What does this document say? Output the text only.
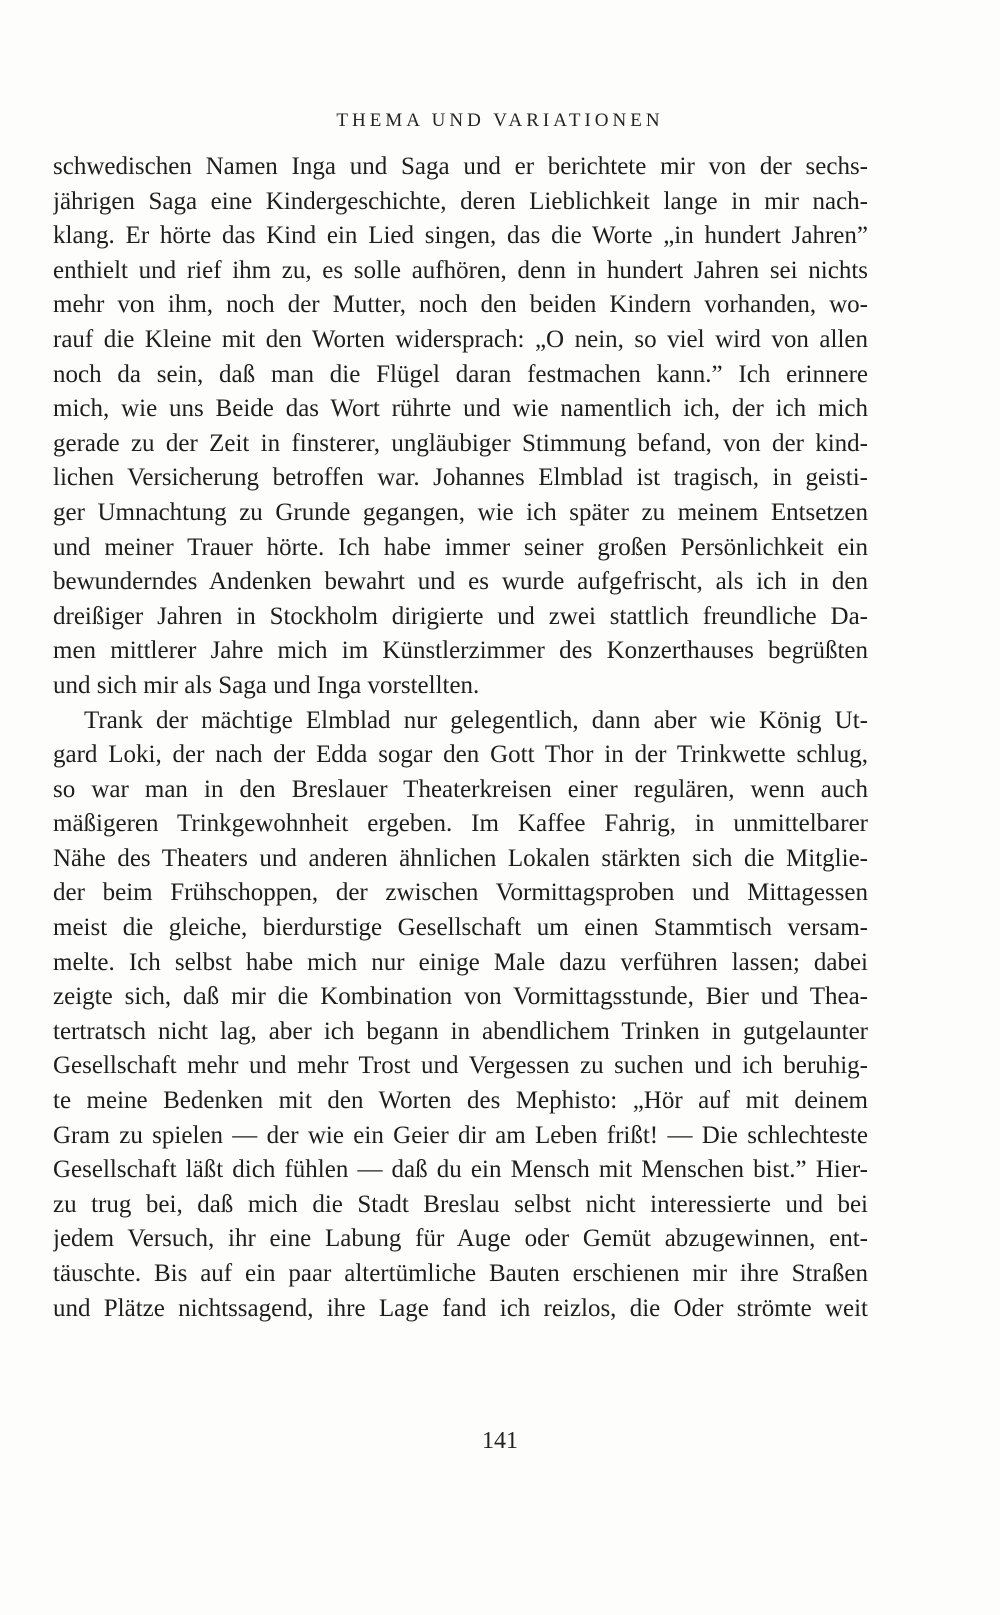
THEMA UND VARIATIONEN
schwedischen Namen Inga und Saga und er berichtete mir von der sechs-
jährigen Saga eine Kindergeschichte, deren Lieblichkeit lange in mir nach-
klang. Er hörte das Kind ein Lied singen, das die Worte „in hundert Jahren”
enthielt und rief ihm zu, es solle aufhören, denn in hundert Jahren sei nichts
mehr von ihm, noch der Mutter, noch den beiden Kindern vorhanden, wo-
rauf die Kleine mit den Worten widersprach: „O nein, so viel wird von allen
noch da sein, daß man die Flügel daran festmachen kann.” Ich erinnere
mich, wie uns Beide das Wort rührte und wie namentlich ich, der ich mich
gerade zu der Zeit in finsterer, ungläubiger Stimmung befand, von der kind-
lichen Versicherung betroffen war. Johannes Elmblad ist tragisch, in geisti-
ger Umnachtung zu Grunde gegangen, wie ich später zu meinem Entsetzen
und meiner Trauer hörte. Ich habe immer seiner großen Persönlichkeit ein
bewunderndes Andenken bewahrt und es wurde aufgefrischt, als ich in den
dreißiger Jahren in Stockholm dirigierte und zwei stattlich freundliche Da-
men mittlerer Jahre mich im Künstlerzimmer des Konzerthauses begrüßten
und sich mir als Saga und Inga vorstellten.
Trank der mächtige Elmblad nur gelegentlich, dann aber wie König Ut-
gard Loki, der nach der Edda sogar den Gott Thor in der Trinkwette schlug,
so war man in den Breslauer Theaterkreisen einer regulären, wenn auch
mäßigeren Trinkgewohnheit ergeben. Im Kaffee Fahrig, in unmittelbarer
Nähe des Theaters und anderen ähnlichen Lokalen stärkten sich die Mitglie-
der beim Frühschoppen, der zwischen Vormittagsproben und Mittagessen
meist die gleiche, bierdurstige Gesellschaft um einen Stammtisch versam-
melte. Ich selbst habe mich nur einige Male dazu verführen lassen; dabei
zeigte sich, daß mir die Kombination von Vormittagsstunde, Bier und Thea-
tertratsch nicht lag, aber ich begann in abendlichem Trinken in gutgelaunter
Gesellschaft mehr und mehr Trost und Vergessen zu suchen und ich beruhig-
te meine Bedenken mit den Worten des Mephisto: „Hör auf mit deinem
Gram zu spielen — der wie ein Geier dir am Leben frißt! — Die schlechteste
Gesellschaft läßt dich fühlen — daß du ein Mensch mit Menschen bist.” Hier-
zu trug bei, daß mich die Stadt Breslau selbst nicht interessierte und bei
jedem Versuch, ihr eine Labung für Auge oder Gemüt abzugewinnen, ent-
täuschte. Bis auf ein paar altertümliche Bauten erschienen mir ihre Straßen
und Plätze nichtssagend, ihre Lage fand ich reizlos, die Oder strömte weit
141
